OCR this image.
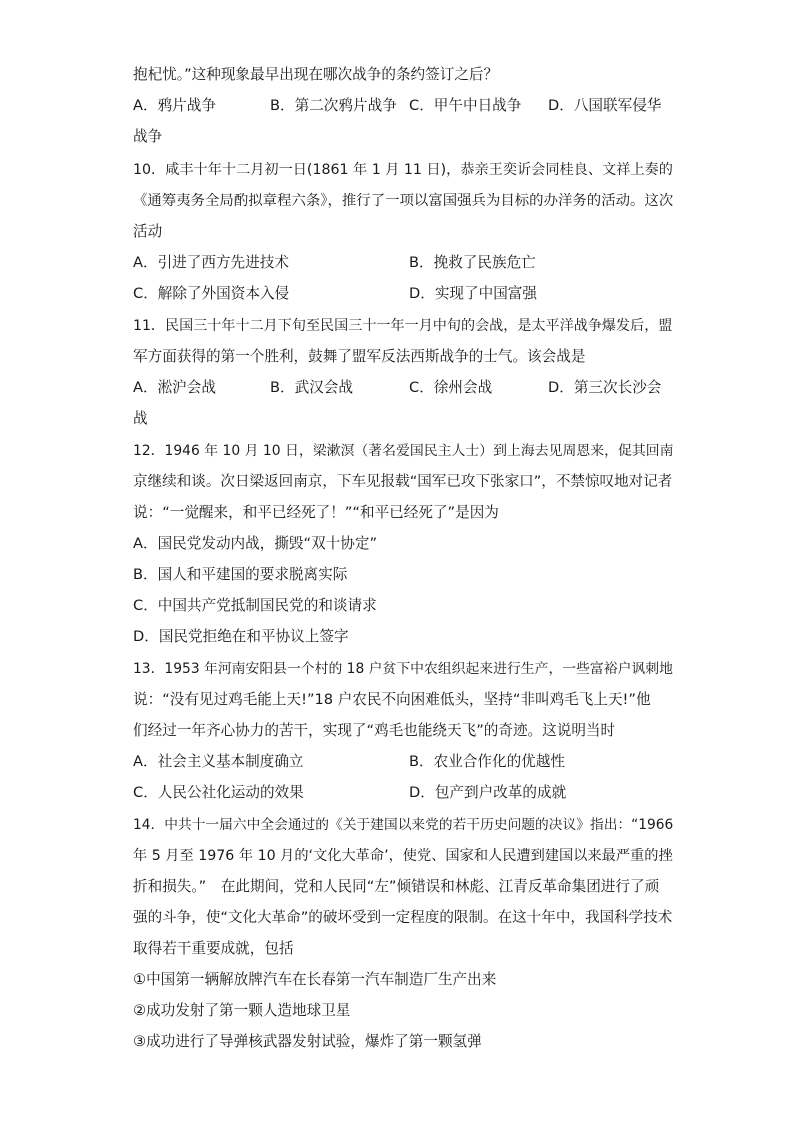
抱杞忧。”这种现象最早出现在哪次战争的条约签订之后？
A．鸦片战争	B．第二次鸦片战争 C．甲午中日战争 D．八国联军侵华
战争
10．咸丰十年十二月初一日(1861 年 1 月 11 日)，恭亲王奕䜣会同桂良、文祥上奏的
《通筹夷务全局酌拟章程六条》，推行了一项以富国强兵为目标的办洋务的活动。这次
活动
A．引进了西方先进技术	B．挽救了民族危亡
C．解除了外国资本入侵	D．实现了中国富强
11．民国三十年十二月下旬至民国三十一年一月中旬的会战，是太平洋战争爆发后，盟
军方面获得的第一个胜利，鼓舞了盟军反法西斯战争的士气。该会战是
A．淞沪会战	B．武汉会战	C．徐州会战	D．第三次长沙会
战
12．1946 年 10 月 10 日，梁漱溟（著名爱国民主人士）到上海去见周恩来，促其回南
京继续和谈。次日梁返回南京，下车见报载“国军已攻下张家口”，不禁惊叹地对记者
说：“一觉醒来，和平已经死了！”“和平已经死了”是因为
A．国民党发动内战，撕毁“双十协定”
B．国人和平建国的要求脱离实际
C．中国共产党抵制国民党的和谈请求
D．国民党拒绝在和平协议上签字
13．1953 年河南安阳县一个村的 18 户贫下中农组织起来进行生产，一些富裕户讽刺地
说：“没有见过鸡毛能上天!”18 户农民不向困难低头，坚持“非叫鸡毛飞上天!”他
们经过一年齐心协力的苦干，实现了“鸡毛也能绕天飞”的奇迹。这说明当时
A．社会主义基本制度确立	B．农业合作化的优越性
C．人民公社化运动的效果	D．包产到户改革的成就
14．中共十一届六中全会通过的《关于建国以来党的若干历史问题的决议》指出：“1966
年 5 月至 1976 年 10 月的‘文化大革命’，使党、国家和人民遭到建国以来最严重的挫
折和损失。”　在此期间，党和人民同“左”倾错误和林彪、江青反革命集团进行了顽
强的斗争，使“文化大革命”的破坏受到一定程度的限制。在这十年中，我国科学技术
取得若干重要成就，包括
①中国第一辆解放牌汽车在长春第一汽车制造厂生产出来
②成功发射了第一颗人造地球卫星
③成功进行了导弹核武器发射试验，爆炸了第一颗氢弹
